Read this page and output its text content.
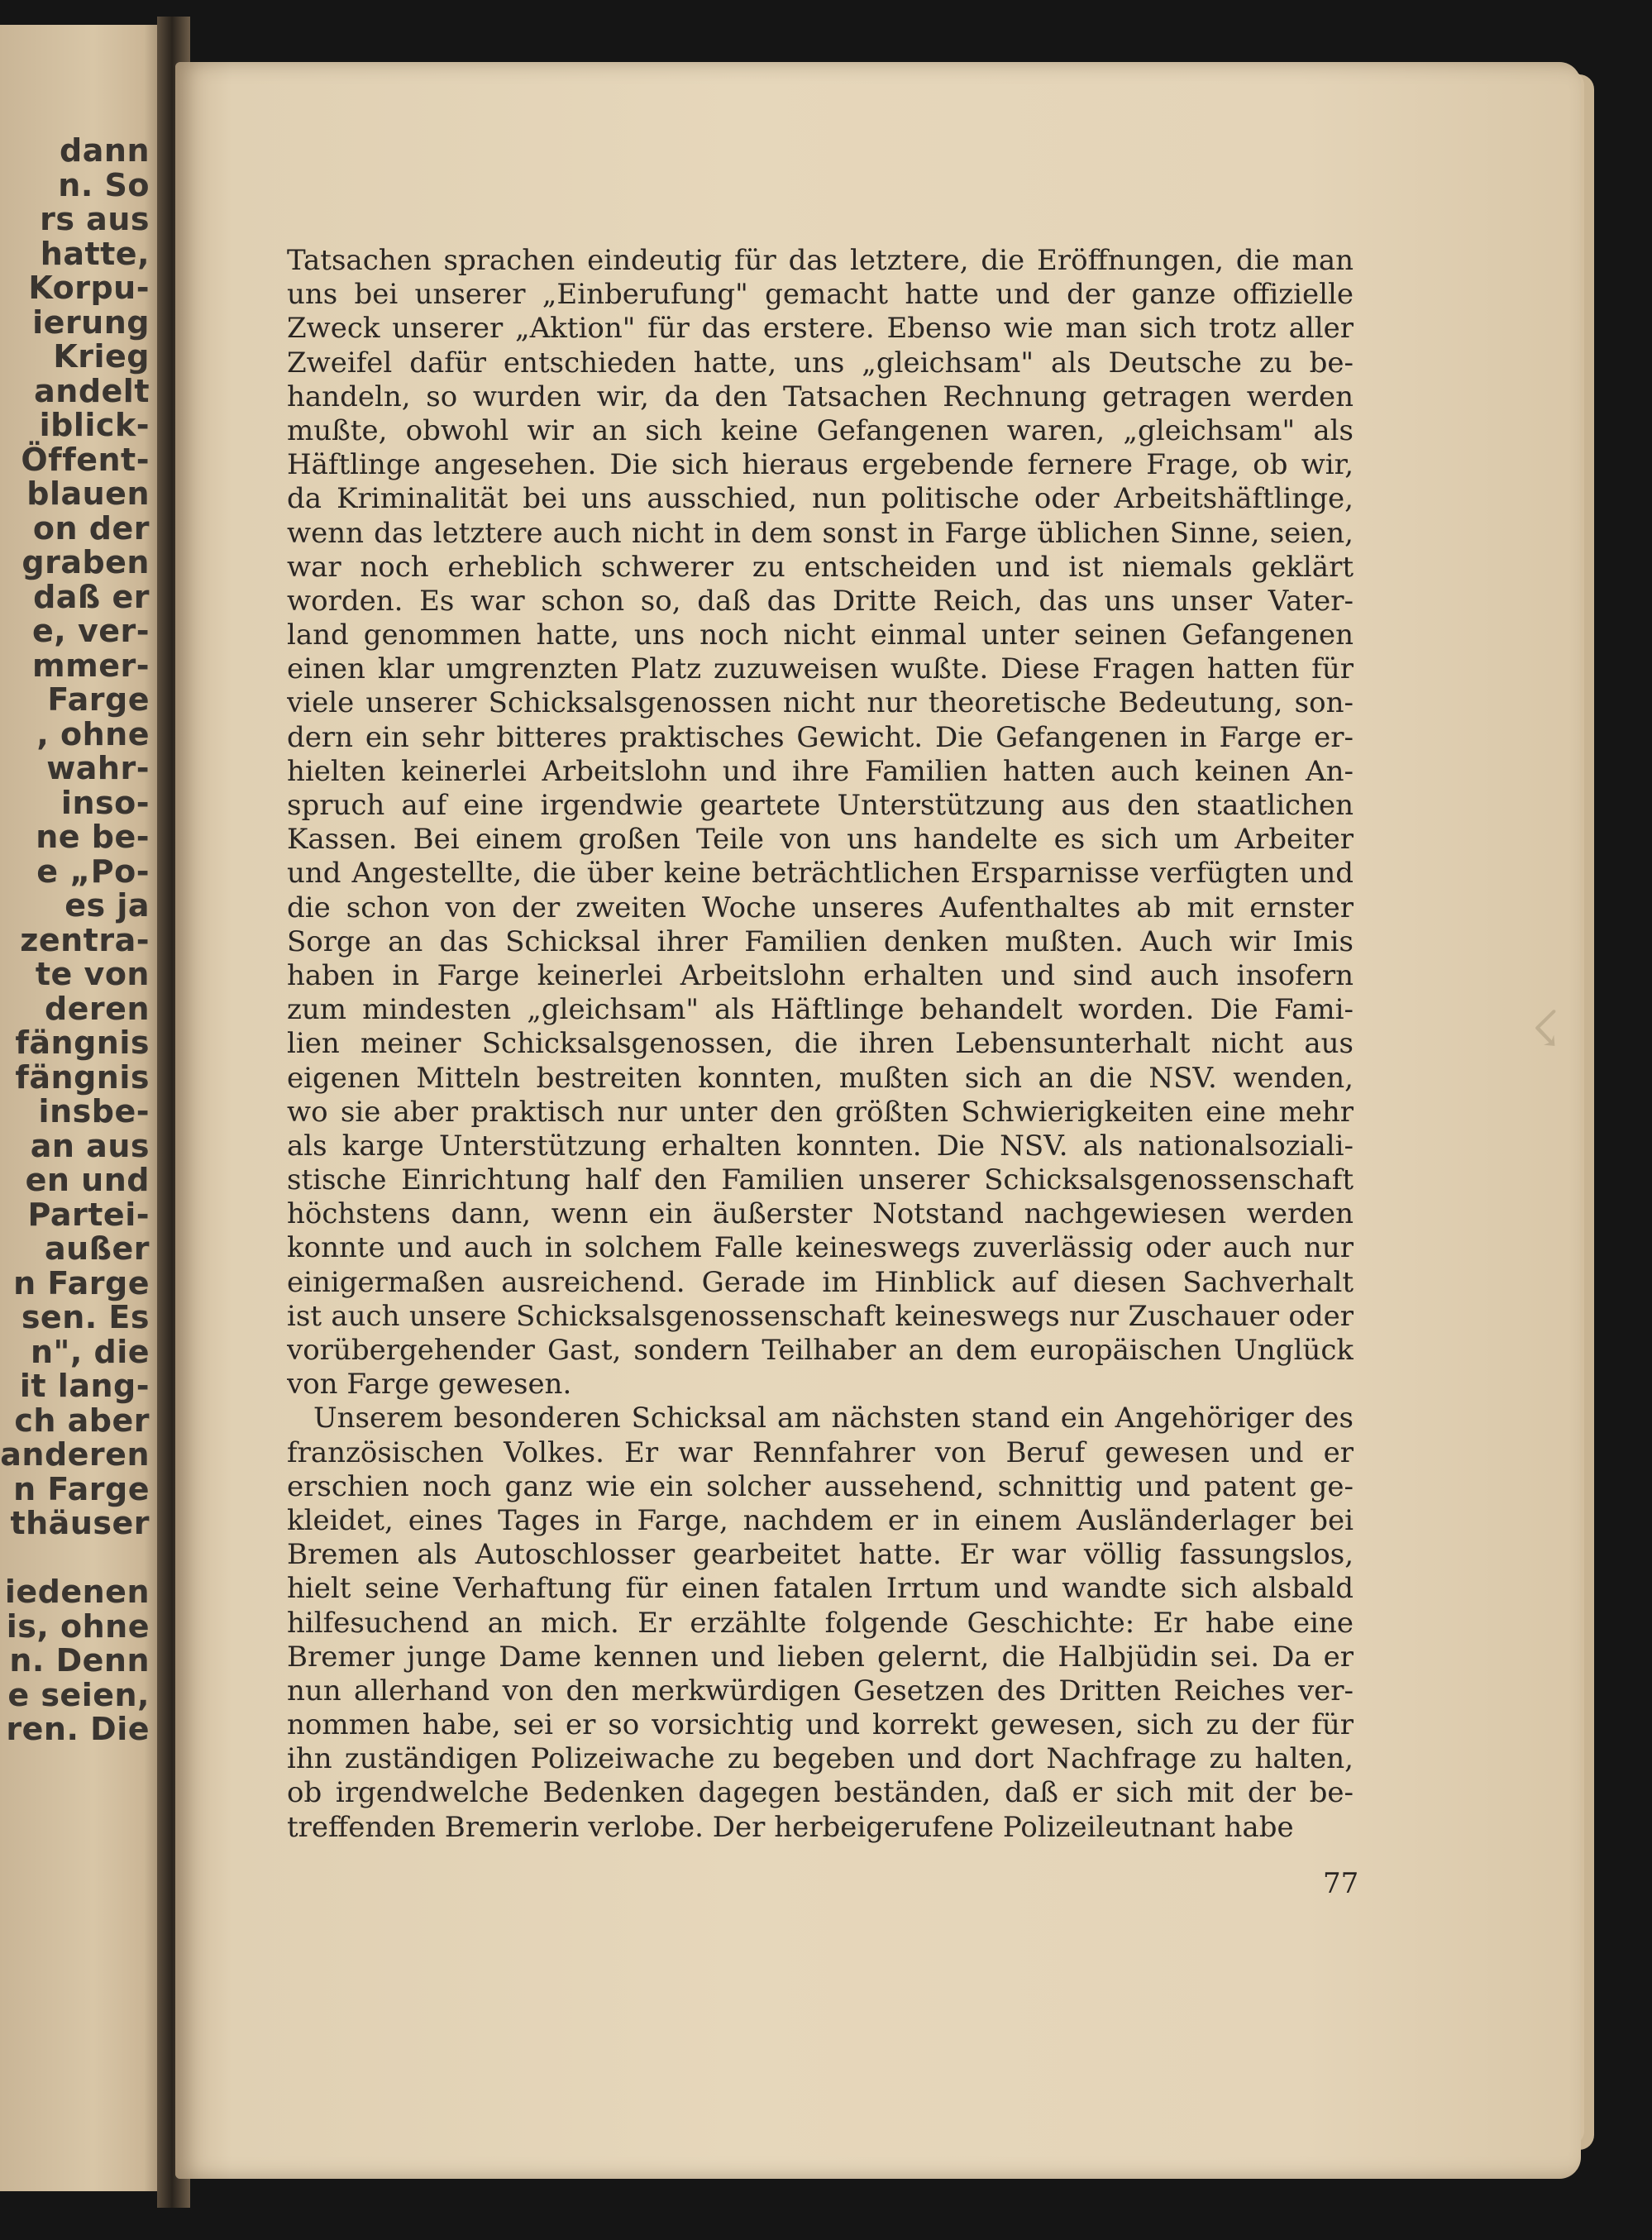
dann
n. So
rs aus
hatte,
Korpu-
ierung
Krieg
andelt
iblick-
Öffent-
blauen
on der
graben
daß er
e, ver-
mmer-
Farge
, ohne
wahr-
inso-
ne be-
e „Po-
es ja
zentra-
te von
deren
fängnis
fängnis
insbe-
an aus
en und
Partei-
außer
n Farge
sen. Es
n", die
it lang-
ch aber
anderen
n Farge
thäuser
iedenen
is, ohne
n. Denn
e seien,
ren. Die
Tatsachen sprachen eindeutig für das letztere, die Eröffnungen, die man
uns bei unserer „Einberufung" gemacht hatte und der ganze offizielle
Zweck unserer „Aktion" für das erstere. Ebenso wie man sich trotz aller
Zweifel dafür entschieden hatte, uns „gleichsam" als Deutsche zu be-
handeln, so wurden wir, da den Tatsachen Rechnung getragen werden
mußte, obwohl wir an sich keine Gefangenen waren, „gleichsam" als
Häftlinge angesehen. Die sich hieraus ergebende fernere Frage, ob wir,
da Kriminalität bei uns ausschied, nun politische oder Arbeitshäftlinge,
wenn das letztere auch nicht in dem sonst in Farge üblichen Sinne, seien,
war noch erheblich schwerer zu entscheiden und ist niemals geklärt
worden. Es war schon so, daß das Dritte Reich, das uns unser Vater-
land genommen hatte, uns noch nicht einmal unter seinen Gefangenen
einen klar umgrenzten Platz zuzuweisen wußte. Diese Fragen hatten für
viele unserer Schicksalsgenossen nicht nur theoretische Bedeutung, son-
dern ein sehr bitteres praktisches Gewicht. Die Gefangenen in Farge er-
hielten keinerlei Arbeitslohn und ihre Familien hatten auch keinen An-
spruch auf eine irgendwie geartete Unterstützung aus den staatlichen
Kassen. Bei einem großen Teile von uns handelte es sich um Arbeiter
und Angestellte, die über keine beträchtlichen Ersparnisse verfügten und
die schon von der zweiten Woche unseres Aufenthaltes ab mit ernster
Sorge an das Schicksal ihrer Familien denken mußten. Auch wir Imis
haben in Farge keinerlei Arbeitslohn erhalten und sind auch insofern
zum mindesten „gleichsam" als Häftlinge behandelt worden. Die Fami-
lien meiner Schicksalsgenossen, die ihren Lebensunterhalt nicht aus
eigenen Mitteln bestreiten konnten, mußten sich an die NSV. wenden,
wo sie aber praktisch nur unter den größten Schwierigkeiten eine mehr
als karge Unterstützung erhalten konnten. Die NSV. als nationalsoziali-
stische Einrichtung half den Familien unserer Schicksalsgenossenschaft
höchstens dann, wenn ein äußerster Notstand nachgewiesen werden
konnte und auch in solchem Falle keineswegs zuverlässig oder auch nur
einigermaßen ausreichend. Gerade im Hinblick auf diesen Sachverhalt
ist auch unsere Schicksalsgenossenschaft keineswegs nur Zuschauer oder
vorübergehender Gast, sondern Teilhaber an dem europäischen Unglück
von Farge gewesen.
Unserem besonderen Schicksal am nächsten stand ein Angehöriger des
französischen Volkes. Er war Rennfahrer von Beruf gewesen und er
erschien noch ganz wie ein solcher aussehend, schnittig und patent ge-
kleidet, eines Tages in Farge, nachdem er in einem Ausländerlager bei
Bremen als Autoschlosser gearbeitet hatte. Er war völlig fassungslos,
hielt seine Verhaftung für einen fatalen Irrtum und wandte sich alsbald
hilfesuchend an mich. Er erzählte folgende Geschichte: Er habe eine
Bremer junge Dame kennen und lieben gelernt, die Halbjüdin sei. Da er
nun allerhand von den merkwürdigen Gesetzen des Dritten Reiches ver-
nommen habe, sei er so vorsichtig und korrekt gewesen, sich zu der für
ihn zuständigen Polizeiwache zu begeben und dort Nachfrage zu halten,
ob irgendwelche Bedenken dagegen beständen, daß er sich mit der be-
treffenden Bremerin verlobe. Der herbeigerufene Polizeileutnant habe
77
☇
